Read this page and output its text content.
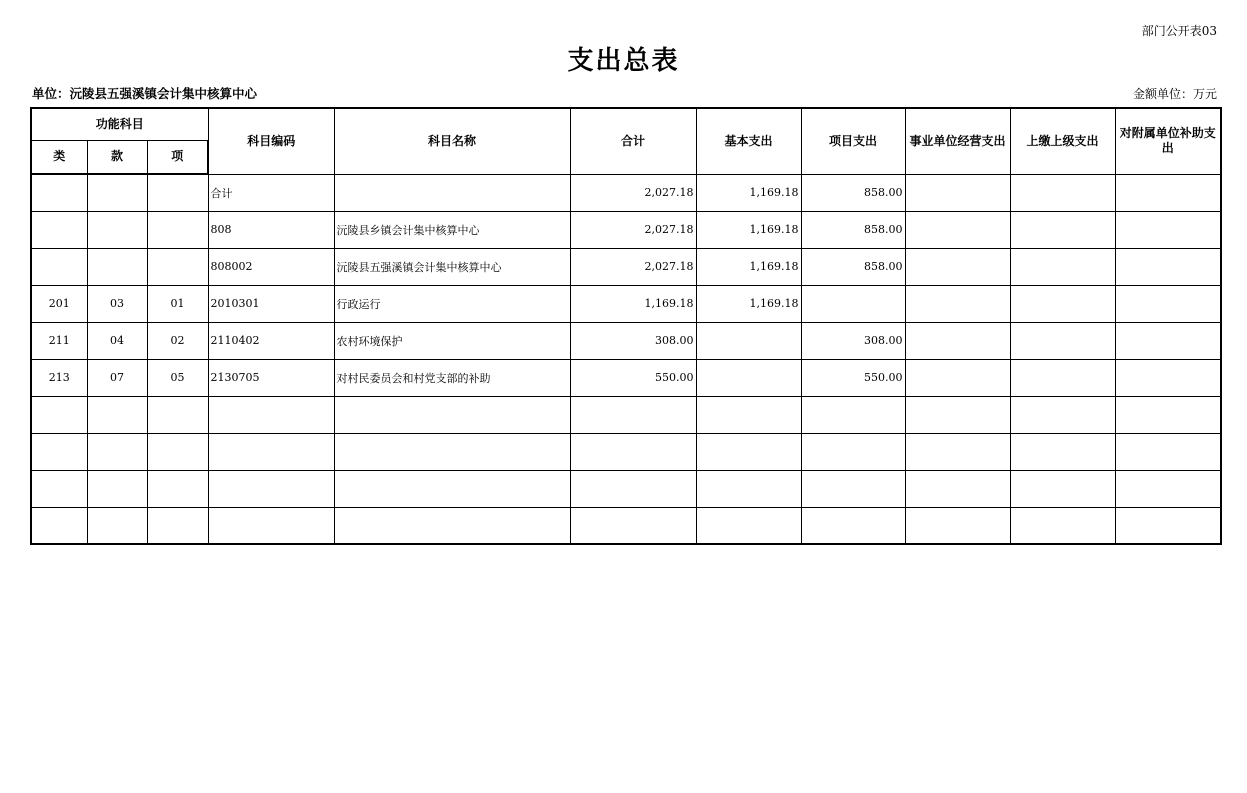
部门公开表03
支出总表
单位：沅陵县五强溪镇会计集中核算中心	金额单位：万元
功能科目			科目编码	科目名称	合计	基本支出	项目支出	事业单位经营支出	上缴上级支出	对附属单位补助支出
类	款	项								
			合计		2,027.18	1,169.18	858.00			
			808	沅陵县乡镇会计集中核算中心	2,027.18	1,169.18	858.00			
			808002	沅陵县五强溪镇会计集中核算中心	2,027.18	1,169.18	858.00			
201	03	01	2010301	行政运行	1,169.18	1,169.18				
211	04	02	2110402	农村环境保护	308.00		308.00			
213	07	05	2130705	对村民委员会和村党支部的补助	550.00		550.00			
